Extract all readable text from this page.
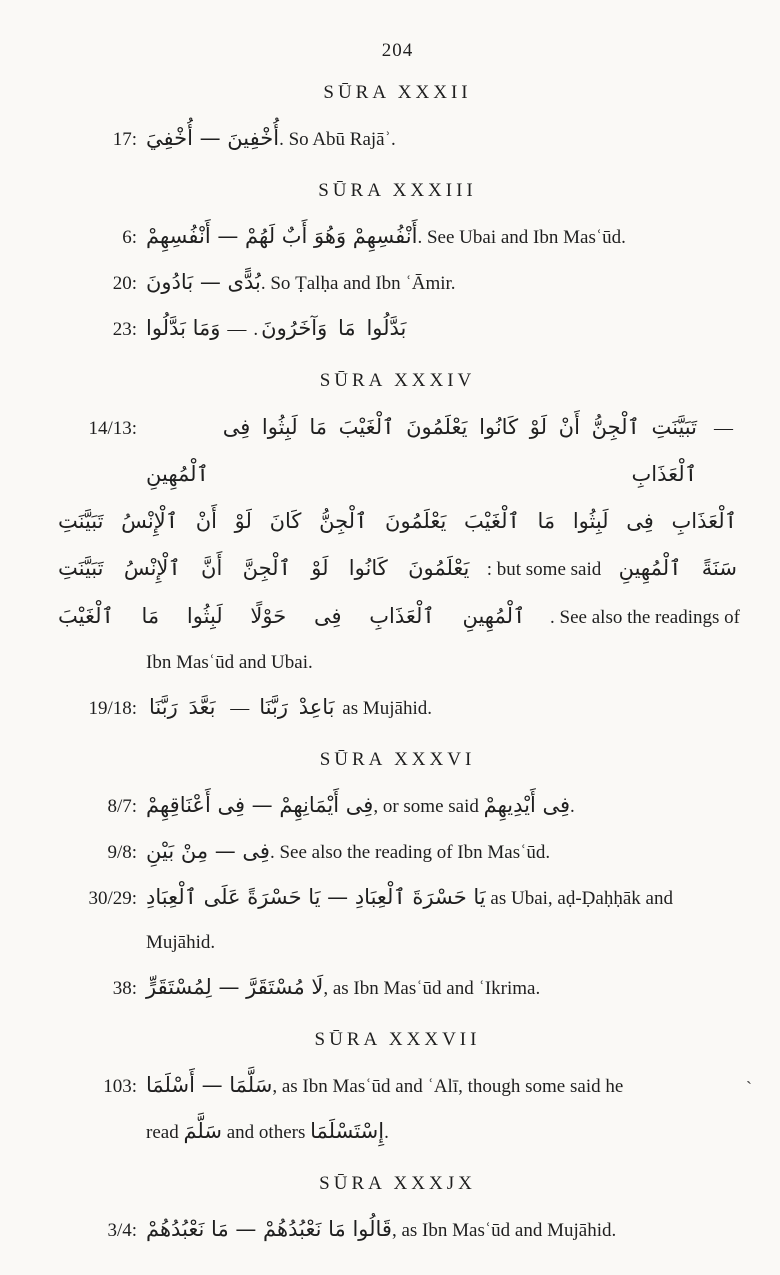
204
SŪRA XXXII
17: أُخْفِينَ — أُخْفِيَ. So Abū Rajāʾ.
SŪRA XXXIII
6: أَنْفُسِهِمْ وَهُوَ أَبٌ لَهُمْ — أَنْفُسِهِمْ. See Ubai and Ibn Masʿūd.
20: بُدًّى — بَادُونَ. So Ṭalḥa and Ibn ʿĀmir.
23: وَمَا بَدَّلُوا — . وَآخَرُونَ مَا بَدَّلُوا
SŪRA XXXIV
14/13:	تَبَيَّنَتِ ٱلْجِنُّ أَنْ لَوْ كَانُوا يَعْلَمُونَ ٱلْغَيْبَ مَا لَبِثُوا فِى ٱلْعَذَابِ ٱلْمُهِينِ
—
تَبَيَّنَتِ ٱلْإِنْسُ أَنْ لَوْ كَانَ ٱلْجِنُّ يَعْلَمُونَ ٱلْغَيْبَ مَا لَبِثُوا فِى ٱلْعَذَابِ
تَبَيَّنَتِ ٱلْإِنْسُ أَنَّ ٱلْجِنَّ لَوْ كَانُوا يَعْلَمُونَ : but some said ٱلْمُهِينِ سَنَةً
ٱلْغَيْبَ مَا لَبِثُوا حَوْلًا فِى ٱلْعَذَابِ ٱلْمُهِينِ . See also the readings of
Ibn Masʿūd and Ubai.
19/18: رَبَّنَا بَعَّدَ — رَبَّنَا بَاعِدْ as Mujāhid.
SŪRA XXXVI
8/7: فِى أَيْمَانِهِمْ — فِى أَعْنَاقِهِمْ, or some said فِى أَيْدِيهِمْ.
9/8: فِى — مِنْ بَيْنِ. See also the reading of Ibn Masʿūd.
30/29: يَا حَسْرَةَ ٱلْعِبَادِ — يَا حَسْرَةً عَلَى ٱلْعِبَادِ as Ubai, aḍ-Ḍaḥḥāk and
Mujāhid.
38: لَا مُسْتَقَرَّ — لِمُسْتَقَرٍّ, as Ibn Masʿūd and ʿIkrima.
SŪRA XXXVII
103: سَلَّمَا — أَسْلَمَا, as Ibn Masʿūd and ʿAlī, though some said he
read سَلَّمَ and others إِسْتَسْلَمَا.
SŪRA XXXJX
3/4: قَالُوا مَا نَعْبُدُهُمْ — مَا نَعْبُدُهُمْ, as Ibn Masʿūd and Mujāhid.
ˋ
